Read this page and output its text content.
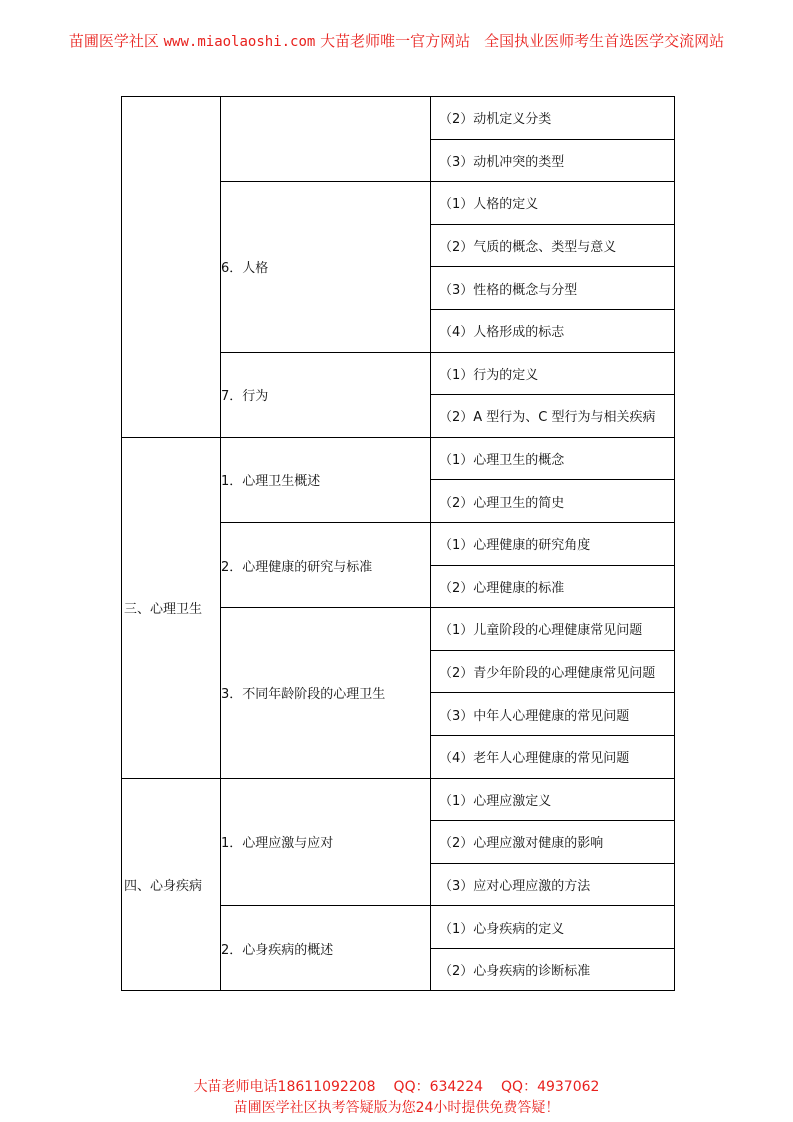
苗圃医学社区 www.miaolaoshi.com 大苗老师唯一官方网站 全国执业医师考生首选医学交流网站
		（2）动机定义分类
		（3）动机冲突的类型
	6．人格	（1）人格的定义
		（2）气质的概念、类型与意义
		（3）性格的概念与分型
		（4）人格形成的标志
	7．行为	（1）行为的定义
		（2）A 型行为、C 型行为与相关疾病
三、心理卫生	1．心理卫生概述	（1）心理卫生的概念
		（2）心理卫生的简史
	2．心理健康的研究与标准	（1）心理健康的研究角度
		（2）心理健康的标准
	3．不同年龄阶段的心理卫生	（1）儿童阶段的心理健康常见问题
		（2）青少年阶段的心理健康常见问题
		（3）中年人心理健康的常见问题
		（4）老年人心理健康的常见问题
四、心身疾病	1．心理应激与应对	（1）心理应激定义
		（2）心理应激对健康的影响
		（3）应对心理应激的方法
	2．心身疾病的概述	（1）心身疾病的定义
		（2）心身疾病的诊断标准
大苗老师电话18611092208 QQ：634224 QQ：4937062
苗圃医学社区执考答疑版为您24小时提供免费答疑！
